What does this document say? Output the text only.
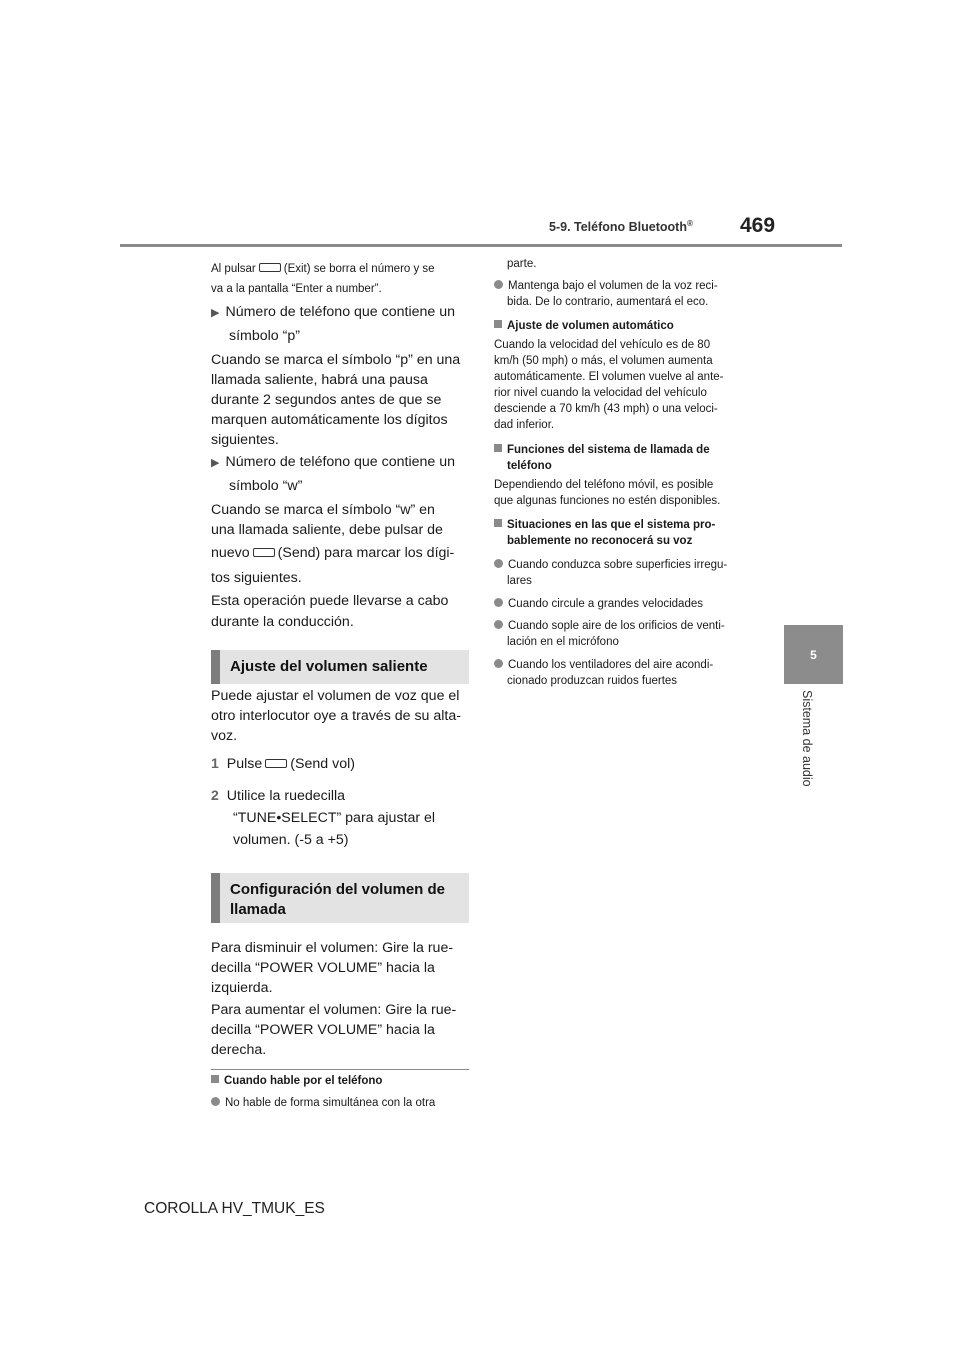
5-9. Teléfono Bluetooth® 469
5
Sistema de audio

Al pulsar (Exit) se borra el número y se

va a la pantalla “Enter a number”.

▶ Número de teléfono que contiene un

símbolo “p”

Cuando se marca el símbolo “p” en una

llamada saliente, habrá una pausa

durante 2 segundos antes de que se

marquen automáticamente los dígitos

siguientes.

▶ Número de teléfono que contiene un

símbolo “w”

Cuando se marca el símbolo “w” en

una llamada saliente, debe pulsar de

nuevo (Send) para marcar los dígi-

tos siguientes.

Esta operación puede llevarse a cabo

durante la conducción.

Ajuste del volumen saliente

Puede ajustar el volumen de voz que el

otro interlocutor oye a través de su alta-

voz.

1 Pulse (Send vol)

2 Utilice la ruedecilla

“TUNE•SELECT” para ajustar el

volumen. (-5 a +5)

Configuración del volumen de

llamada

Para disminuir el volumen: Gire la rue-

decilla “POWER VOLUME” hacia la

izquierda.

Para aumentar el volumen: Gire la rue-

decilla “POWER VOLUME” hacia la

derecha.

Cuando hable por el teléfono

No hable de forma simultánea con la otra

parte.

Mantenga bajo el volumen de la voz reci-

bida. De lo contrario, aumentará el eco.

Ajuste de volumen automático

Cuando la velocidad del vehículo es de 80

km/h (50 mph) o más, el volumen aumenta

automáticamente. El volumen vuelve al ante-

rior nivel cuando la velocidad del vehículo

desciende a 70 km/h (43 mph) o una veloci-

dad inferior.

Funciones del sistema de llamada de

teléfono

Dependiendo del teléfono móvil, es posible

que algunas funciones no estén disponibles.

Situaciones en las que el sistema pro-

bablemente no reconocerá su voz

Cuando conduzca sobre superficies irregu-

lares

Cuando circule a grandes velocidades

Cuando sople aire de los orificios de venti-

lación en el micrófono

Cuando los ventiladores del aire acondi-

cionado produzcan ruidos fuertes

COROLLA HV_TMUK_ES
